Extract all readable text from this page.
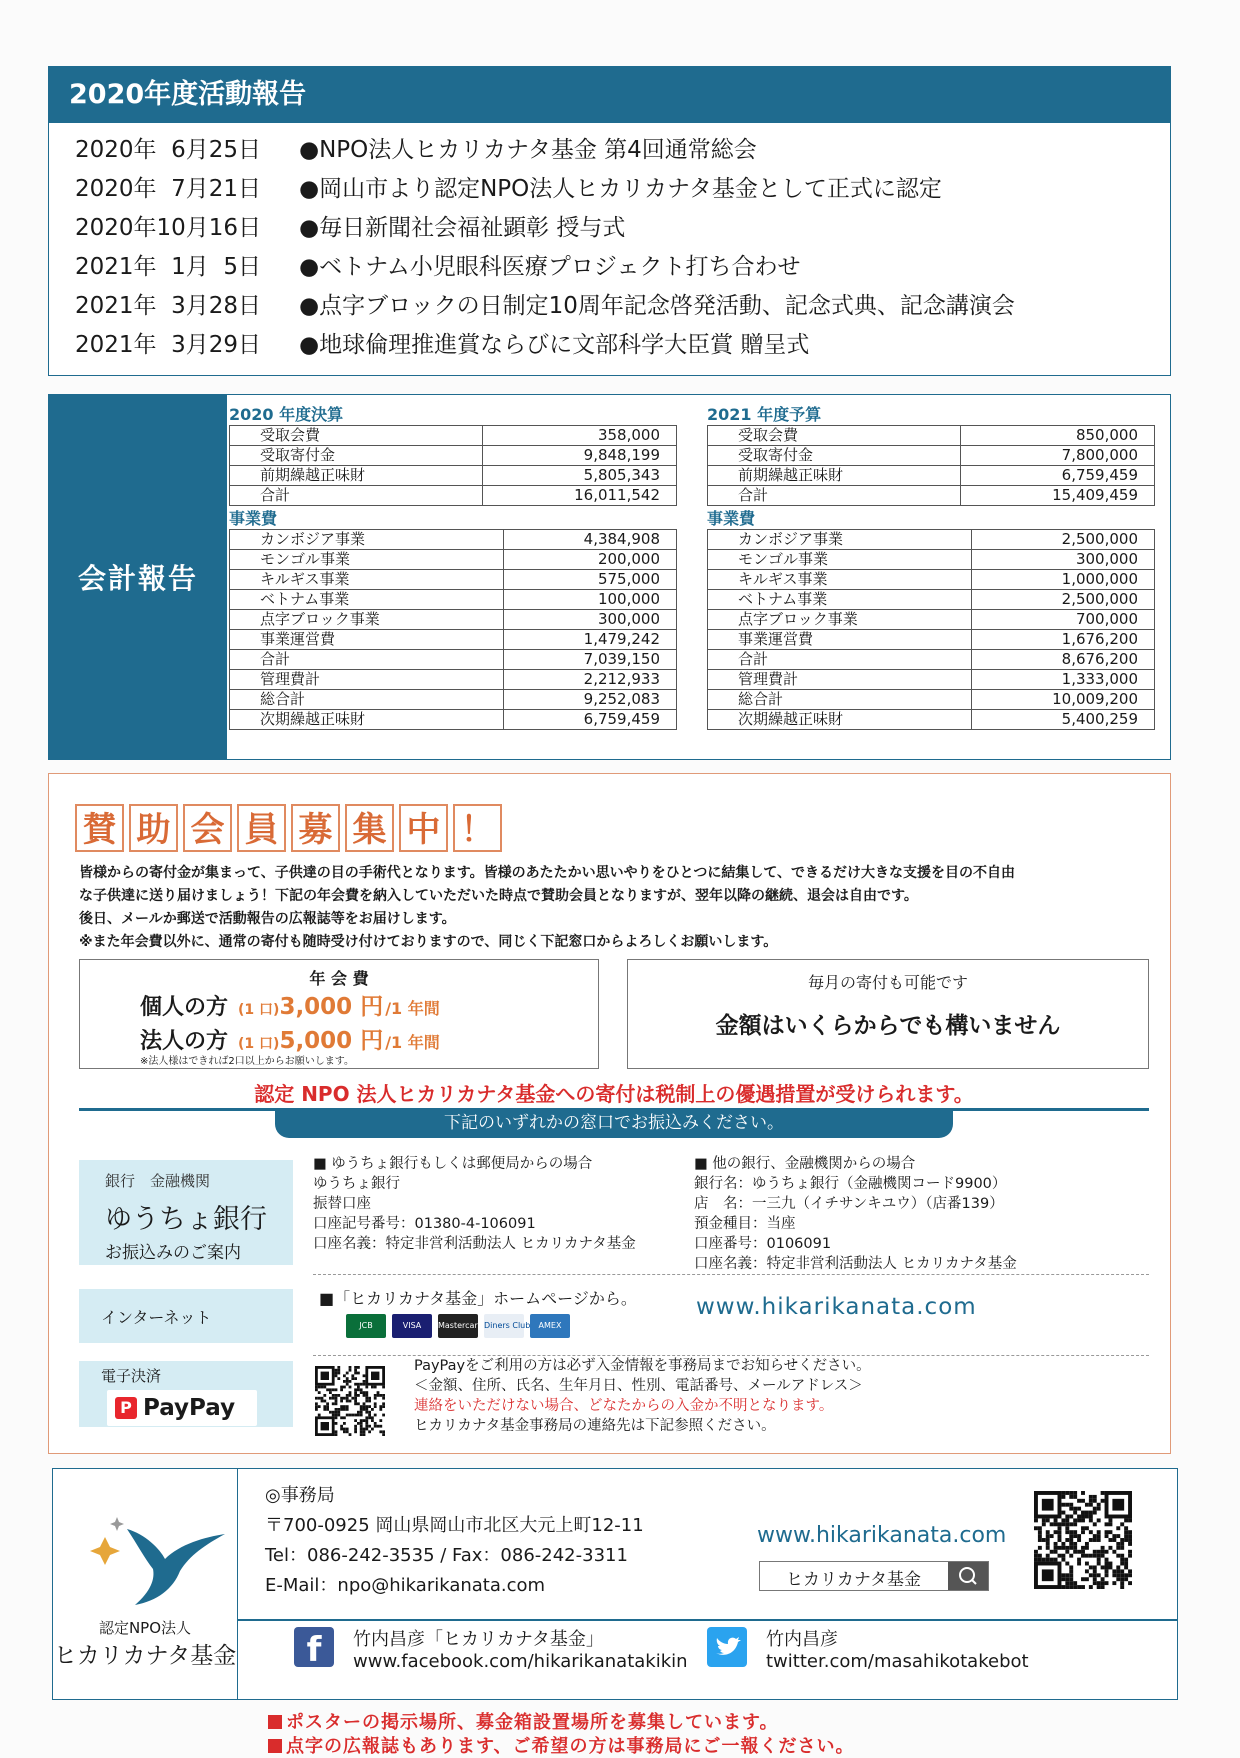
2020年度活動報告
2020年  6月25日 ●NPO法人ヒカリカナタ基金 第4回通常総会
2020年  7月21日 ●岡山市より認定NPO法人ヒカリカナタ基金として正式に認定
2020年10月16日 ●毎日新聞社会福祉顕彰 授与式
2021年  1月  5日 ●ベトナム小児眼科医療プロジェクト打ち合わせ
2021年  3月28日 ●点字ブロックの日制定10周年記念啓発活動、記念式典、記念講演会
2021年  3月29日 ●地球倫理推進賞ならびに文部科学大臣賞 贈呈式
会計報告
2020 年度決算
受取会費	358,000
受取寄付金	9,848,199
前期繰越正味財	5,805,343
合計	16,011,542
事業費
カンボジア事業	4,384,908
モンゴル事業	200,000
キルギス事業	575,000
ベトナム事業	100,000
点字ブロック事業	300,000
事業運営費	1,479,242
合計	7,039,150
管理費計	2,212,933
総合計	9,252,083
次期繰越正味財	6,759,459
2021 年度予算
受取会費	850,000
受取寄付金	7,800,000
前期繰越正味財	6,759,459
合計	15,409,459
事業費
カンボジア事業	2,500,000
モンゴル事業	300,000
キルギス事業	1,000,000
ベトナム事業	2,500,000
点字ブロック事業	700,000
事業運営費	1,676,200
合計	8,676,200
管理費計	1,333,000
総合計	10,009,200
次期繰越正味財	5,400,259
賛 助 会 員 募 集 中 ！
皆様からの寄付金が集まって、子供達の目の手術代となります。皆様のあたたかい思いやりをひとつに結集して、できるだけ大きな支援を目の不自由
な子供達に送り届けましょう！下記の年会費を納入していただいた時点で賛助会員となりますが、翌年以降の継続、退会は自由です。
後日、メールか郵送で活動報告の広報誌等をお届けします。
※また年会費以外に、通常の寄付も随時受け付けておりますので、同じく下記窓口からよろしくお願いします。
年 会 費
個人の方 (1 口)3,000 円 /1 年間
法人の方 (1 口)5,000 円 /1 年間
※法人様はできれば2口以上からお願いします。
毎月の寄付も可能です
金額はいくらからでも構いません
認定 NPO 法人ヒカリカナタ基金への寄付は税制上の優遇措置が受けられます。
下記のいずれかの窓口でお振込みください。
銀行　金融機関
ゆうちょ銀行
お振込みのご案内
■ ゆうちょ銀行もしくは郵便局からの場合
ゆうちょ銀行
振替口座
口座記号番号：01380-4-106091
口座名義：特定非営利活動法人 ヒカリカナタ基金
■ 他の銀行、金融機関からの場合
銀行名：ゆうちょ銀行（金融機関コード9900）
店　名：一三九（イチサンキユウ）（店番139）
預金種目：当座
口座番号：0106091
口座名義：特定非営利活動法人 ヒカリカナタ基金
インターネット
■「ヒカリカナタ基金」ホームページから。	www.hikarikanata.com
JCB	VISA	Mastercard Diners Club	AMEX
電子決済
P PayPay
PayPayをご利用の方は必ず入金情報を事務局までお知らせください。
＜金額、住所、氏名、生年月日、性別、電話番号、メールアドレス＞
連絡をいただけない場合、どなたからの入金か不明となります。
ヒカリカナタ基金事務局の連絡先は下記参照ください。
認定NPO法人
ヒカリカナタ基金
◎事務局
〒700-0925 岡山県岡山市北区大元上町12-11
Tel：086-242-3535 / Fax：086-242-3311
E-Mail：npo@hikarikanata.com
www.hikarikanata.com
ヒカリカナタ基金
f	竹内昌彦「ヒカリカナタ基金」
www.facebook.com/hikarikanatakikin
竹内昌彦
twitter.com/masahikotakebot
ポスターの掲示場所、募金箱設置場所を募集しています。
点字の広報誌もあります、ご希望の方は事務局にご一報ください。
